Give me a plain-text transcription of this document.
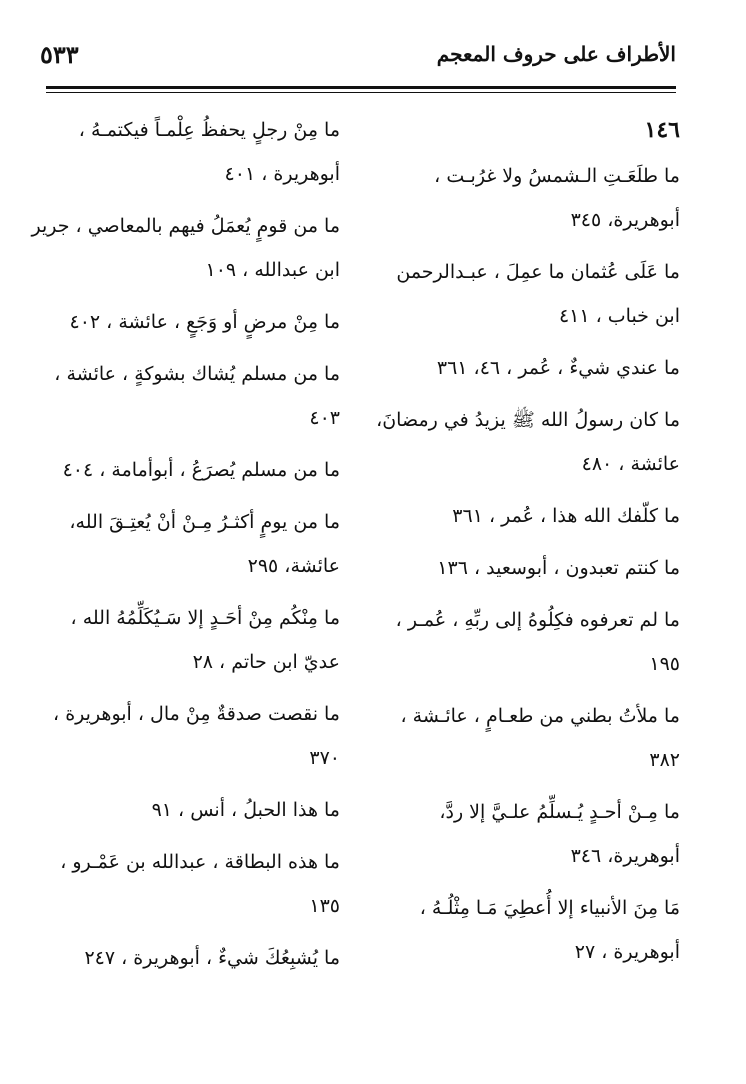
٥٣٣	الأطراف على حروف المعجم
١٤٦
ما طلَعَـتِ الـشمسُ ولا غرُبـت ،
أبوهريرة، ٣٤٥
ما عَلَى عُثمان ما عمِلَ ، عبـدالرحمن
ابن خباب ، ٤١١
ما عندي شيءٌ ، عُمر ، ٤٦، ٣٦١
ما كان رسولُ الله ﷺ يزيدُ في رمضانَ،
عائشة ، ٤٨٠
ما كلّفك الله هذا ، عُمر ، ٣٦١
ما كنتم تعبدون ، أبوسعيد ، ١٣٦
ما لم تعرفوه فكِلُوهُ إلى ربِّهِ ، عُمـر ،
١٩٥
ما ملأتُ بطني من طعـامٍ ، عائـشة ،
٣٨٢
ما مِـنْ أحـدٍ يُـسلِّمُ علـيَّ إلا ردَّ،
أبوهريرة، ٣٤٦
مَا مِنَ الأنبياء إلا أُعطِيَ مَـا مِثْلُـهُ ،
أبوهريرة ، ٢٧
ما مِنْ رجلٍ يحفظُ عِلْمـاً فيكتمـهُ ،
أبوهريرة ، ٤٠١
ما من قومٍ يُعمَلُ فيهم بالمعاصي ، جرير
ابن عبدالله ، ١٠٩
ما مِنْ مرضٍ أو وَجَعٍ ، عائشة ، ٤٠٢
ما من مسلم يُشاك بشوكةٍ ، عائشة ،
٤٠٣
ما من مسلم يُصرَعُ ، أبوأمامة ، ٤٠٤
ما من يومٍ أكثـرُ مِـنْ أنْ يُعتِـقَ الله،
عائشة، ٢٩٥
ما مِنْكُم مِنْ أحَـدٍ إلا سَـيُكَلِّمُهُ الله ،
عديّ ابن حاتم ، ٢٨
ما نقصت صدقةٌ مِنْ مال ، أبوهريرة ،
٣٧٠
ما هذا الحبلُ ، أنس ، ٩١
ما هذه البطاقة ، عبدالله بن عَمْـرو ،
١٣٥
ما يُشبِعُكَ شيءٌ ، أبوهريرة ، ٢٤٧
